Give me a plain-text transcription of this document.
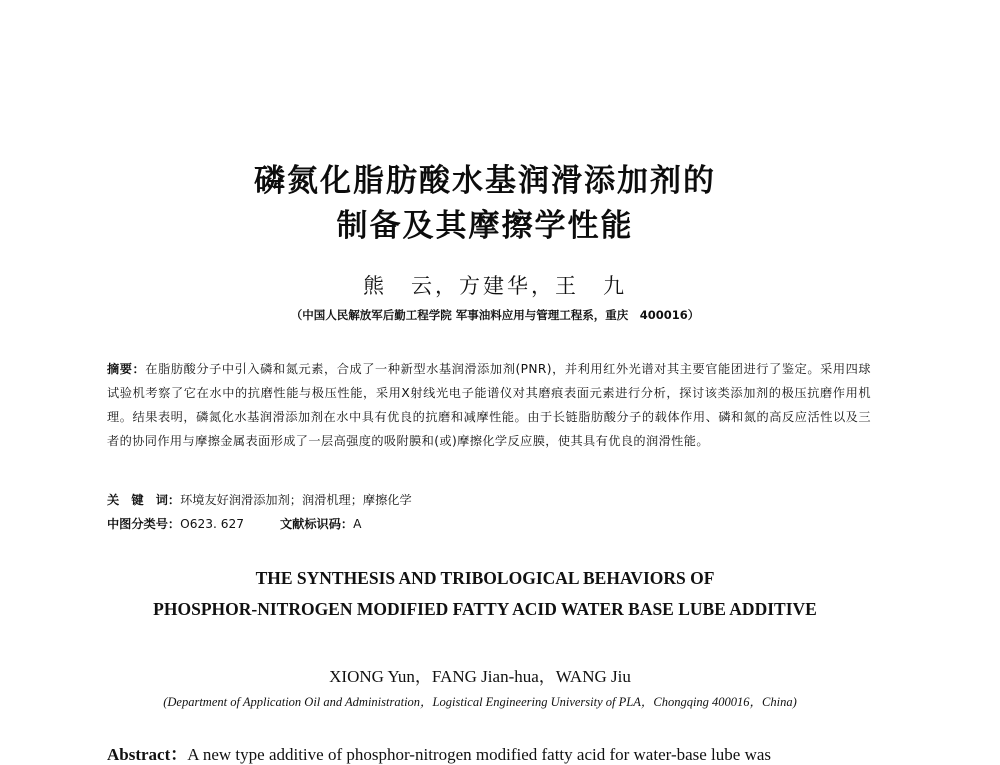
磷氮化脂肪酸水基润滑添加剂的
制备及其摩擦学性能
熊　云，方建华，王　九
（中国人民解放军后勤工程学院 军事油料应用与管理工程系，重庆　400016）
摘要：在脂肪酸分子中引入磷和氮元素，合成了一种新型水基润滑添加剂(PNR)，并利用红外光谱对其主要官能团进行了鉴定。采用四球试验机考察了它在水中的抗磨性能与极压性能，采用X射线光电子能谱仪对其磨痕表面元素进行分析，探讨该类添加剂的极压抗磨作用机理。结果表明，磷氮化水基润滑添加剂在水中具有优良的抗磨和减摩性能。由于长链脂肪酸分子的载体作用、磷和氮的高反应活性以及三者的协同作用与摩擦金属表面形成了一层高强度的吸附膜和(或)摩擦化学反应膜，使其具有优良的润滑性能。
关　键　词：环境友好润滑添加剂；润滑机理；摩擦化学
中图分类号：O623. 627	文献标识码：A
THE SYNTHESIS AND TRIBOLOGICAL BEHAVIORS OF
PHOSPHOR-NITROGEN MODIFIED FATTY ACID WATER BASE LUBE ADDITIVE
XIONG Yun，FANG Jian-hua，WANG Jiu
(Department of Application Oil and Administration，Logistical Engineering University of PLA，Chongqing 400016，China)
Abstract：A new type additive of phosphor-nitrogen modified fatty acid for water-base lube was
